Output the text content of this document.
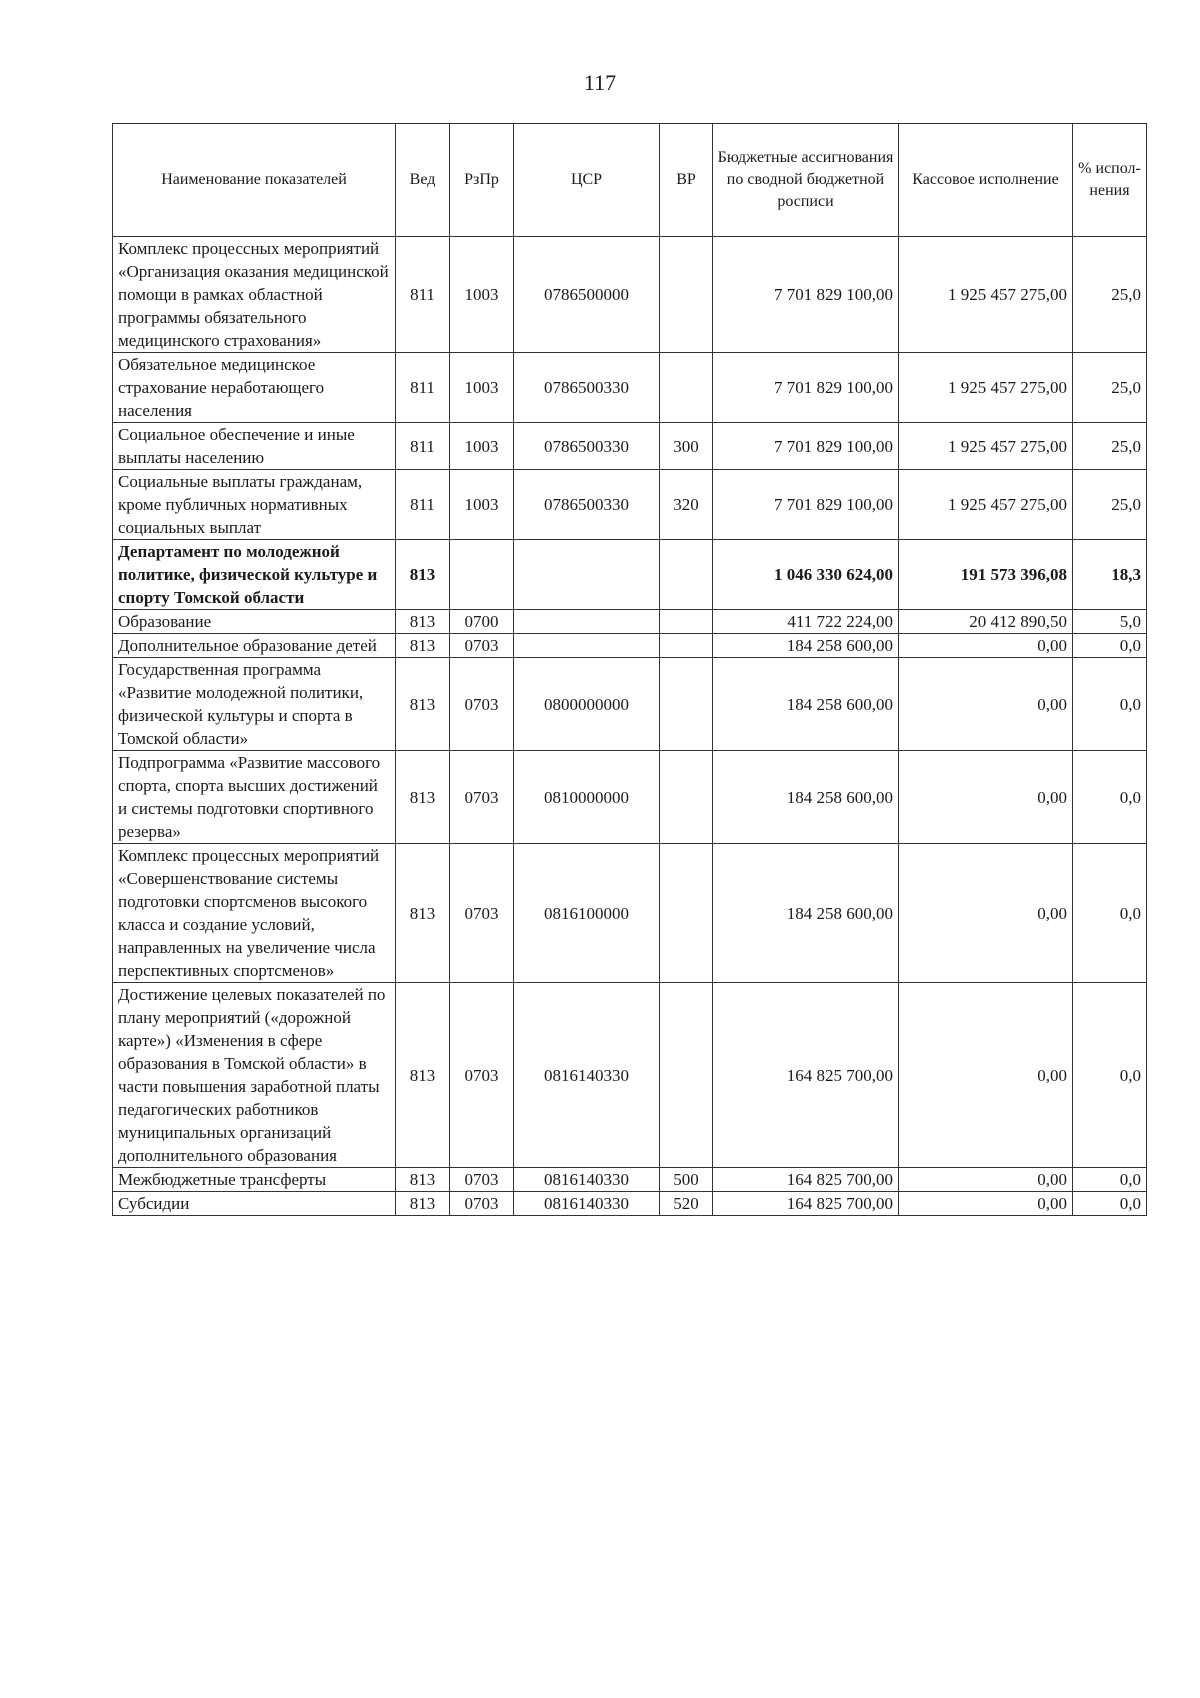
117
Наименование показателей	Вед	РзПр	ЦСР	ВР	Бюджетные ассигнования по сводной бюджетной росписи	Кассовое исполнение	% испол-нения
Комплекс процессных мероприятий «Организация оказания медицинской помощи в рамках областной программы обязательного медицинского страхования»	811	1003	0786500000		7 701 829 100,00	1 925 457 275,00	25,0
Обязательное медицинское страхование неработающего населения	811	1003	0786500330		7 701 829 100,00	1 925 457 275,00	25,0
Социальное обеспечение и иные выплаты населению	811	1003	0786500330	300	7 701 829 100,00	1 925 457 275,00	25,0
Социальные выплаты гражданам, кроме публичных нормативных социальных выплат	811	1003	0786500330	320	7 701 829 100,00	1 925 457 275,00	25,0
Департамент по молодежной политике, физической культуре и спорту Томской области	813				1 046 330 624,00	191 573 396,08	18,3
Образование	813	0700			411 722 224,00	20 412 890,50	5,0
Дополнительное образование детей	813	0703			184 258 600,00	0,00	0,0
Государственная программа «Развитие молодежной политики, физической культуры и спорта в Томской области»	813	0703	0800000000		184 258 600,00	0,00	0,0
Подпрограмма «Развитие массового спорта, спорта высших достижений и системы подготовки спортивного резерва»	813	0703	0810000000		184 258 600,00	0,00	0,0
Комплекс процессных мероприятий «Совершенствование системы подготовки спортсменов высокого класса и создание условий, направленных на увеличение числа перспективных спортсменов»	813	0703	0816100000		184 258 600,00	0,00	0,0
Достижение целевых показателей по плану мероприятий («дорожной карте») «Изменения в сфере образования в Томской области» в части повышения заработной платы педагогических работников муниципальных организаций дополнительного образования	813	0703	0816140330		164 825 700,00	0,00	0,0
Межбюджетные трансферты	813	0703	0816140330	500	164 825 700,00	0,00	0,0
Субсидии	813	0703	0816140330	520	164 825 700,00	0,00	0,0
